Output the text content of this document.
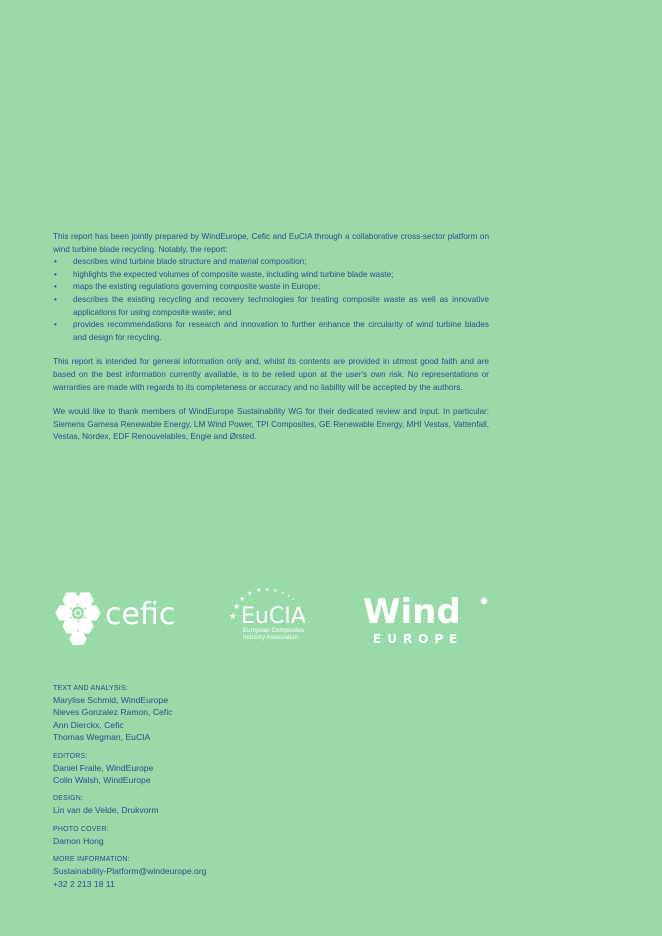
This report has been jointly prepared by WindEurope, Cefic and EuCIA through a collaborative cross-sector platform on wind turbine blade recycling. Notably, the report:

• describes wind turbine blade structure and material composition;
• highlights the expected volumes of composite waste, including wind turbine blade waste;
• maps the existing regulations governing composite waste in Europe;
• describes the existing recycling and recovery technologies for treating composite waste as well as innovative applications for using composite waste; and
• provides recommendations for research and innovation to further enhance the circularity of wind turbine blades and design for recycling.

This report is intended for general information only and, whilst its contents are provided in utmost good faith and are based on the best information currently available, is to be relied upon at the user's own risk. No representations or warranties are made with regards to its completeness or accuracy and no liability will be accepted by the authors.

We would like to thank members of WindEurope Sustainability WG for their dedicated review and input. In particular: Siemens Gamesa Renewable Energy, LM Wind Power, TPI Composites, GE Renewable Energy, MHI Vestas, Vattenfall, Vestas, Nordex, EDF Renouvelables, Engie and Ørsted.

cefic	★
★
★
★ ★ ★ ★ ★
★
★
EuCIA
European Composites
Industry Association
Wind
EUROPE
TEXT AND ANALYSIS:
Marylise Schmid, WindEurope
Nieves Gonzalez Ramon, Cefic
Ann Dierckx, Cefic
Thomas Wegman, EuCIA
EDITORS:
Daniel Fraile, WindEurope
Colin Walsh, WindEurope
DESIGN:
Lin van de Velde, Drukvorm
PHOTO COVER:
Damon Hong
MORE INFORMATION:
Sustainability-Platform@windeurope.org
+32 2 213 18 11
